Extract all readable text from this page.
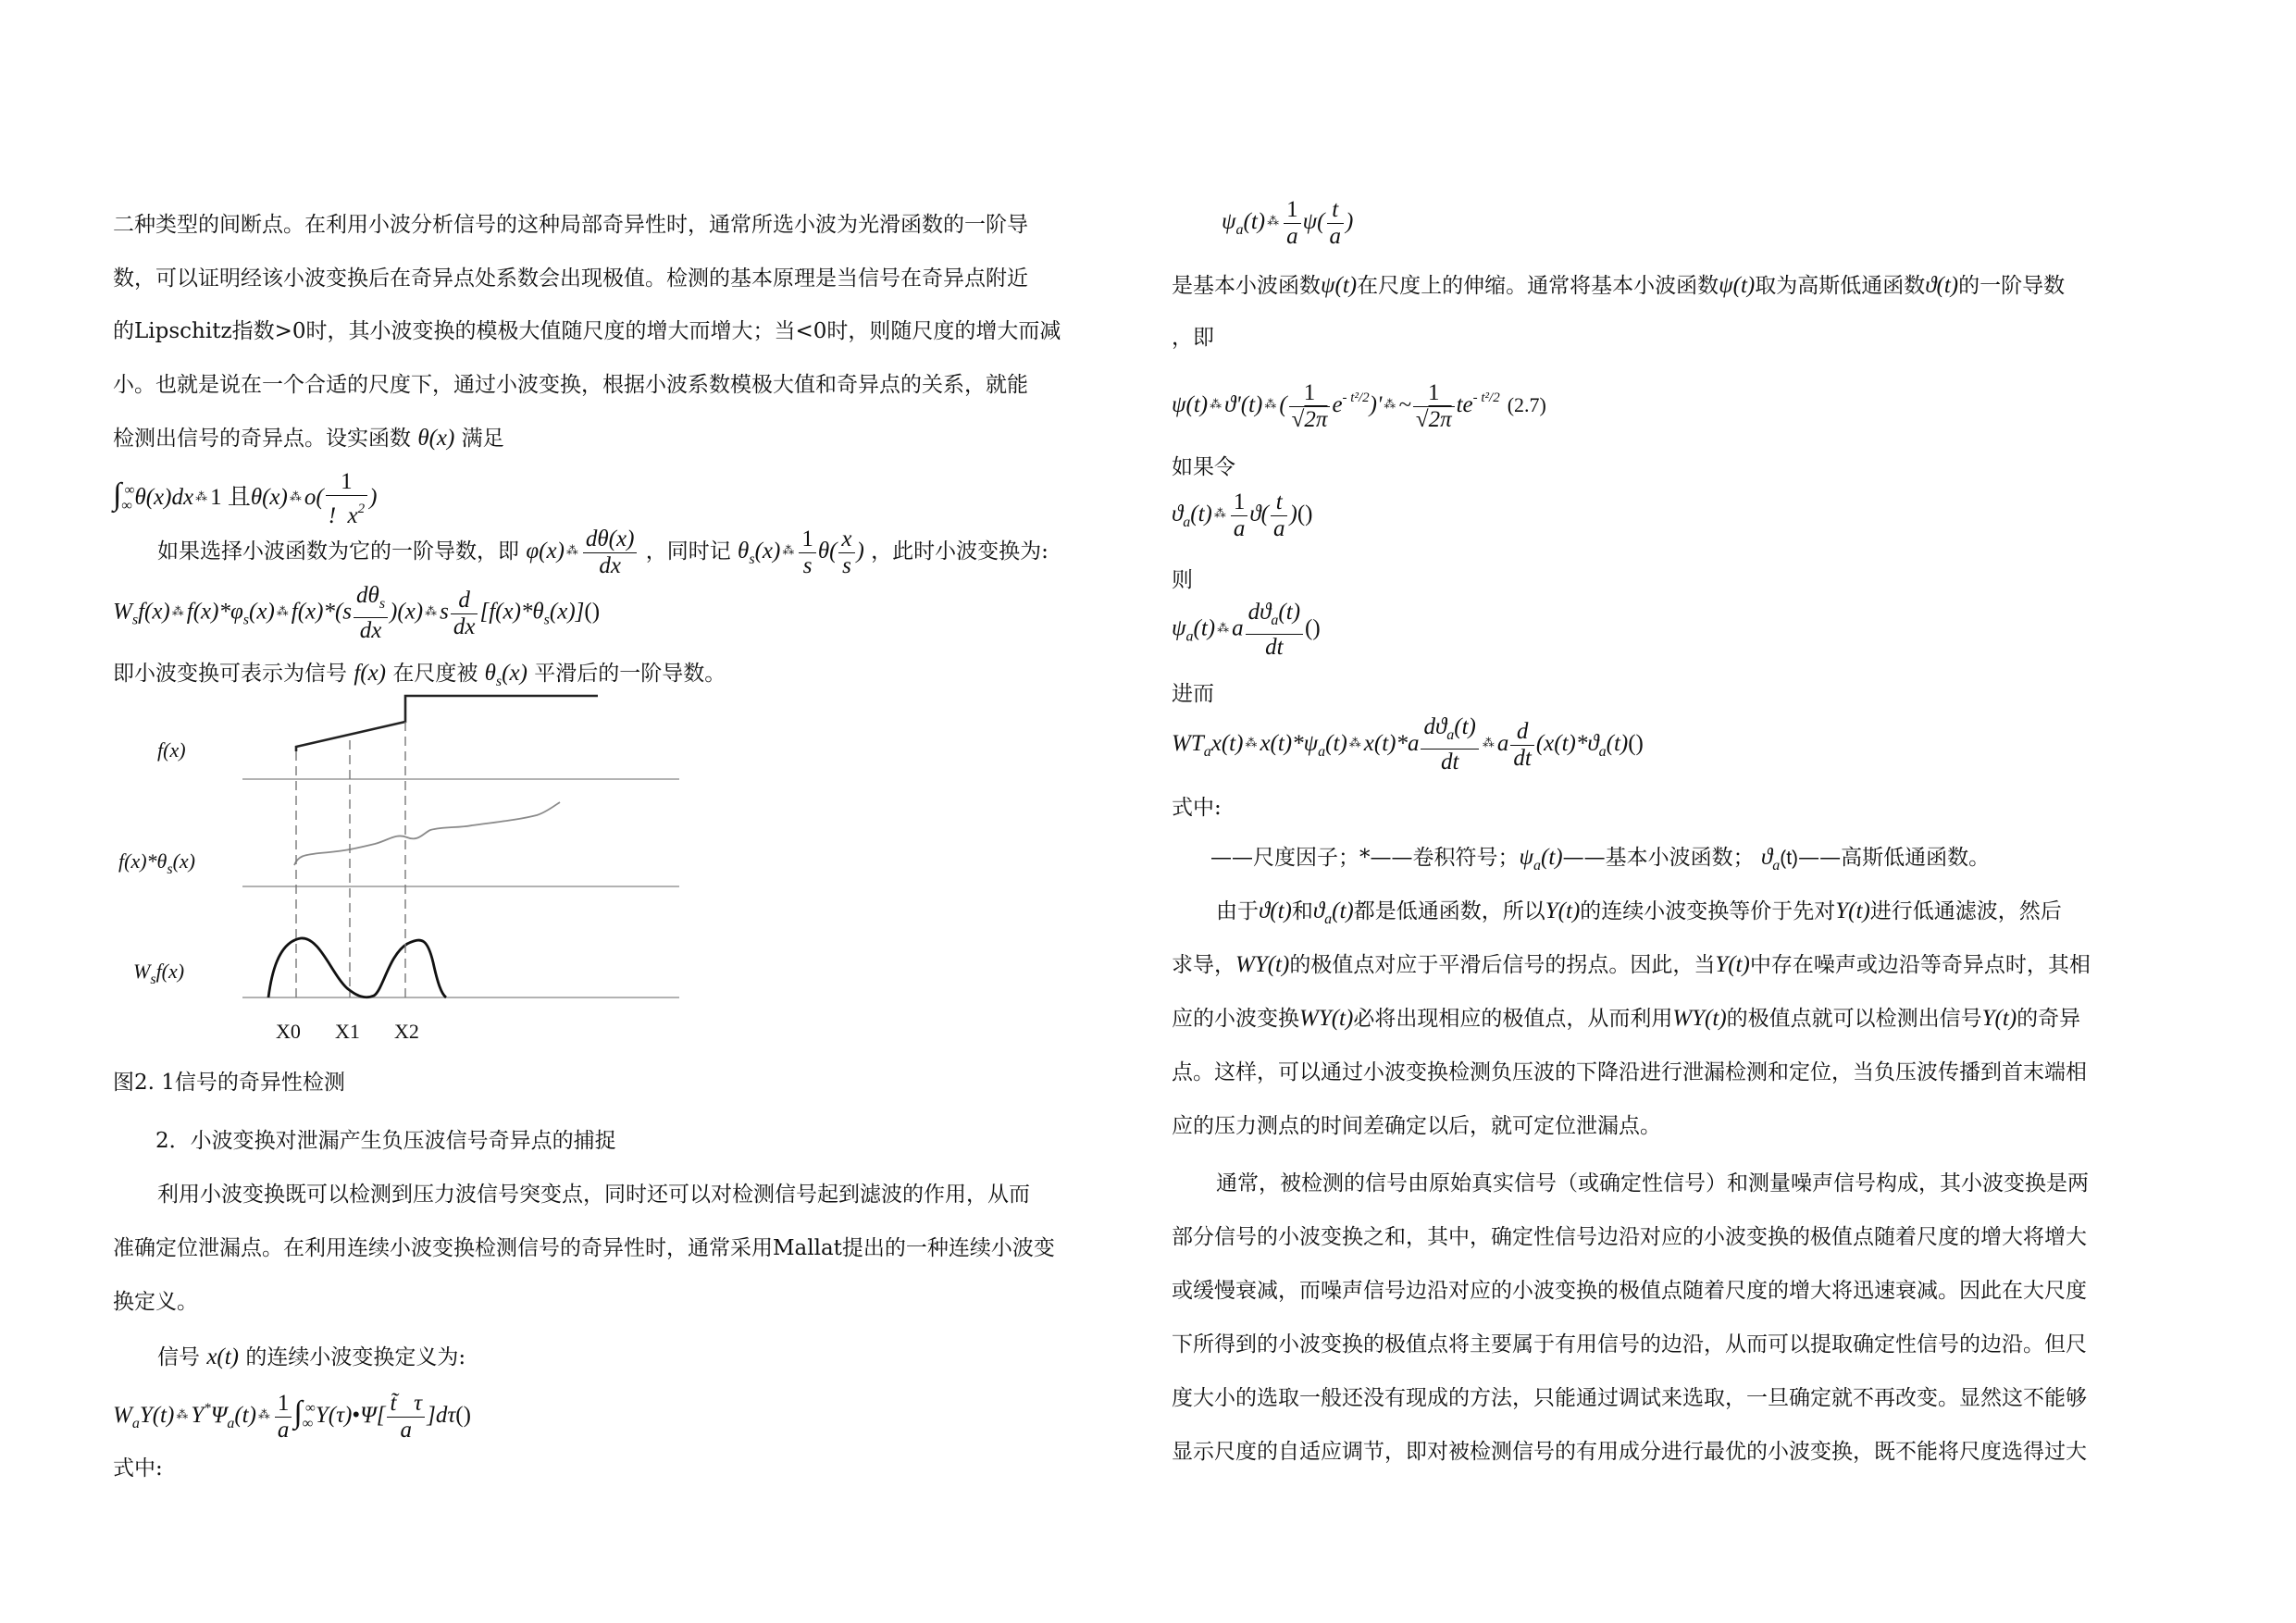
二种类型的间断点。在利用小波分析信号的这种局部奇异性时，通常所选小波为光滑函数的一阶导
数，可以证明经该小波变换后在奇异点处系数会出现极值。检测的基本原理是当信号在奇异点附近
的Lipschitz指数>0时，其小波变换的模极大值随尺度的增大而增大；当<0时，则随尺度的增大而减
小。也就是说在一个合适的尺度下，通过小波变换，根据小波系数模极大值和奇异点的关系，就能
检测出信号的奇异点。设实函数 θ(x) 满足
$\int_\infty^\infty\theta(x)dx$ ⁂ 1 且θ(x) ⁂ $o( \frac{1}{! x^2}$ )
如果选择小波函数为它的一阶导数，即 φ(x) ⁂ $\frac{d\theta(x)}{dx}$ ，同时记 $\theta_s(x)$ ⁂ $\frac{1}{s} \theta( \frac{x}{s}$ ) ，此时小波变换为:
$W_sf(x)$ ⁂ $f(x)*\varphi_s(x)$ ⁂ $f(x)*(s \frac{d\theta_s}{dx} )(x)$ ⁂ s $\frac{d}{dx} [f(x)*\theta_s(x)]()$
即小波变换可表示为信号 f(x) 在尺度被 $\theta_s(x)$ 平滑后的一阶导数。
f(x)
$f(x)*\theta_s(x)$
$W_sf(x)$
X0 X1 X2
图2. 1信号的奇异性检测
2．小波变换对泄漏产生负压波信号奇异点的捕捉
利用小波变换既可以检测到压力波信号突变点，同时还可以对检测信号起到滤波的作用，从而
准确定位泄漏点。在利用连续小波变换检测信号的奇异性时，通常采用Mallat提出的一种连续小波变
换定义。
信号 x(t) 的连续小波变换定义为:
$W_aY(t)$ ⁂ $Y^*\Psi_a(t)$ ⁂ $\frac{1}{a}$ $\int_\infty^\infty Y(\tau)•\Psi[ \frac{t̃ \tau}{a} ]d\tau()$
式中:
$\psi_a(t)$ ⁂ $\frac{1}{a} \psi( \frac{t}{a}$ )
是基本小波函数ψ(t)在尺度上的伸缩。通常将基本小波函数ψ(t)取为高斯低通函数ϑ(t)的一阶导数
，即
ψ(t) ⁂ ϑ'(t) ⁂ ( $\frac{1}{√2\pi} e^{- t^2/2})'$ ⁂ ~ $\frac{1}{√2\pi} te^{- t^2/2}$ (2.7)
如果令
$ϑ_a(t)$ ⁂ $\frac{1}{a} ϑ( \frac{t}{a}$ )()
则
$\psi_a(t)$ ⁂ a $\frac{dϑ_a(t)}{dt}$ ()
进而
$WT_ax(t)$ ⁂ $x(t)*\psi_a(t)$ ⁂ $x(t)*a \frac{dϑ_a(t)}{dt}$ ⁂ a $\frac{d}{dt} (x(t)*ϑ_a(t)()$
式中:
——尺度因子；*——卷积符号；$\psi_a(t)——$基本小波函数； $ϑ_a(t)——$高斯低通函数。
由于ϑ(t)和$ϑ_a(t)$都是低通函数，所以Y(t)的连续小波变换等价于先对Y(t)进行低通滤波，然后
求导，WY(t)的极值点对应于平滑后信号的拐点。因此，当Y(t)中存在噪声或边沿等奇异点时，其相
应的小波变换WY(t)必将出现相应的极值点，从而利用WY(t)的极值点就可以检测出信号Y(t)的奇异
点。这样，可以通过小波变换检测负压波的下降沿进行泄漏检测和定位，当负压波传播到首末端相
应的压力测点的时间差确定以后，就可定位泄漏点。
通常，被检测的信号由原始真实信号（或确定性信号）和测量噪声信号构成，其小波变换是两
部分信号的小波变换之和，其中，确定性信号边沿对应的小波变换的极值点随着尺度的增大将增大
或缓慢衰减，而噪声信号边沿对应的小波变换的极值点随着尺度的增大将迅速衰减。因此在大尺度
下所得到的小波变换的极值点将主要属于有用信号的边沿，从而可以提取确定性信号的边沿。但尺
度大小的选取一般还没有现成的方法，只能通过调试来选取，一旦确定就不再改变。显然这不能够
显示尺度的自适应调节，即对被检测信号的有用成分进行最优的小波变换，既不能将尺度选得过大
